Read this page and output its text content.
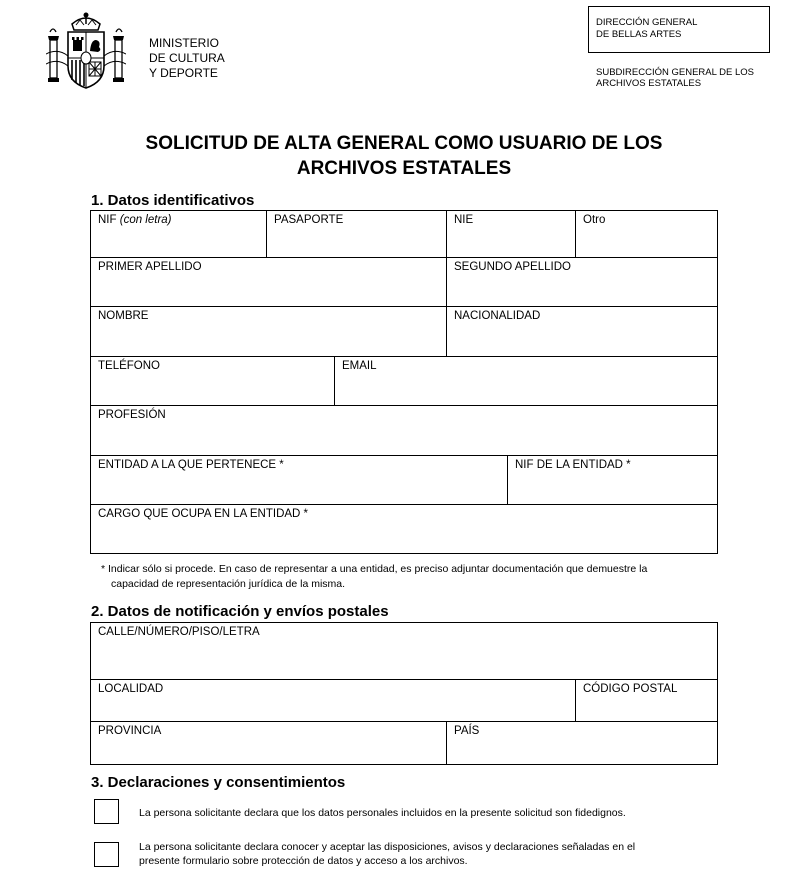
MINISTERIO
DE CULTURA
Y DEPORTE
DIRECCIÓN GENERAL
DE BELLAS ARTES
SUBDIRECCIÓN GENERAL DE LOS
ARCHIVOS ESTATALES
SOLICITUD DE ALTA GENERAL COMO USUARIO DE LOS
ARCHIVOS ESTATALES
1. Datos identificativos
NIF (con letra)	PASAPORTE	NIE	Otro
PRIMER APELLIDO	SEGUNDO APELLIDO
NOMBRE	NACIONALIDAD
TELÉFONO	EMAIL
PROFESIÓN
ENTIDAD A LA QUE PERTENECE *	NIF DE LA ENTIDAD *
CARGO QUE OCUPA EN LA ENTIDAD *
* Indicar sólo si procede. En caso de representar a una entidad, es preciso adjuntar documentación que demuestre la
capacidad de representación jurídica de la misma.
2. Datos de notificación y envíos postales
CALLE/NÚMERO/PISO/LETRA
LOCALIDAD	CÓDIGO POSTAL
PROVINCIA	PAÍS
3. Declaraciones y consentimientos
La persona solicitante declara que los datos personales incluidos en la presente solicitud son fidedignos.
La persona solicitante declara conocer y aceptar las disposiciones, avisos y declaraciones señaladas en el
presente formulario sobre protección de datos y acceso a los archivos.
